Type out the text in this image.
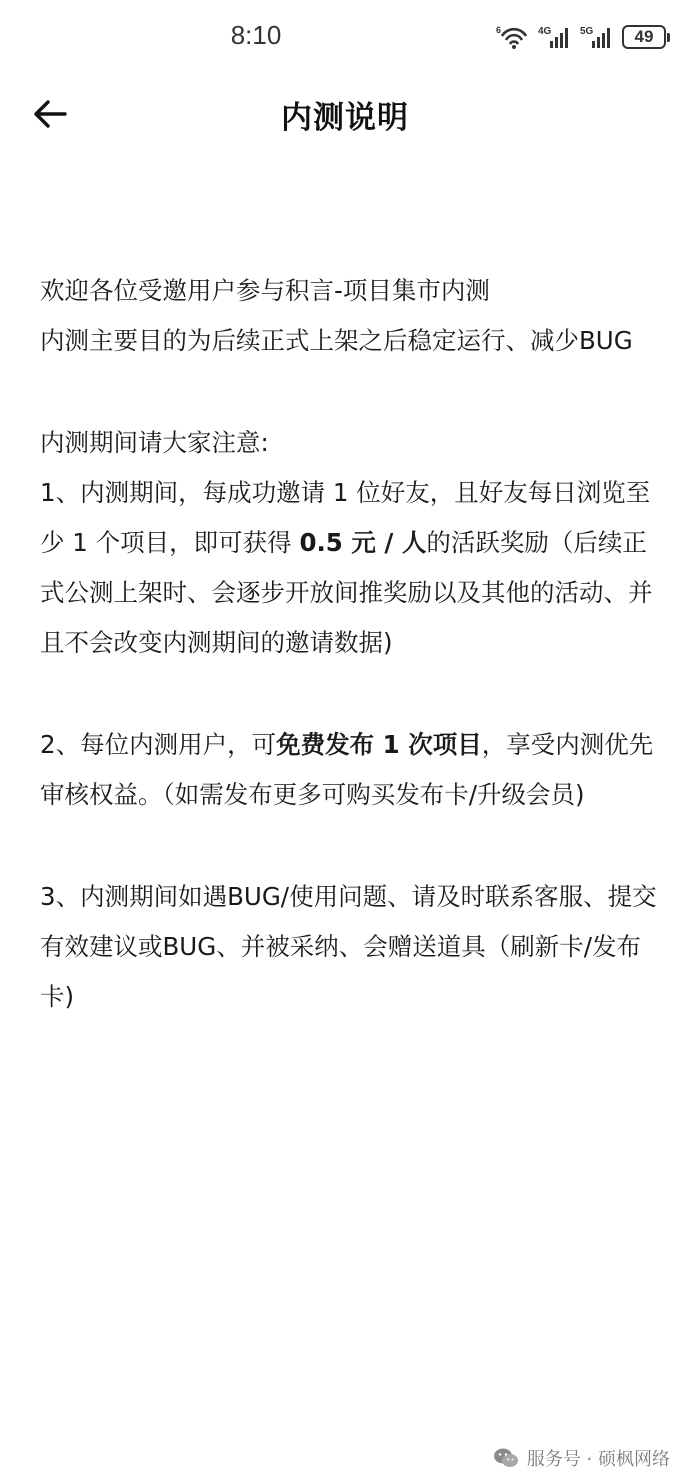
8:10	6	4G	5G 49
内测说明

欢迎各位受邀用户参与积言-项目集市内测

内测主要目的为后续正式上架之后稳定运行、减少BUG

内测期间请大家注意:

1、内测期间，每成功邀请 1 位好友，且好友每日浏览至少 1 个项目，即可获得 0.5 元 / 人的活跃奖励（后续正式公测上架时、会逐步开放间推奖励以及其他的活动、并且不会改变内测期间的邀请数据)

2、每位内测用户，可免费发布 1 次项目，享受内测优先审核权益。（如需发布更多可购买发布卡/升级会员)

3、内测期间如遇BUG/使用问题、请及时联系客服、提交有效建议或BUG、并被采纳、会赠送道具（刷新卡/发布卡)

服务号 · 硕枫网络
